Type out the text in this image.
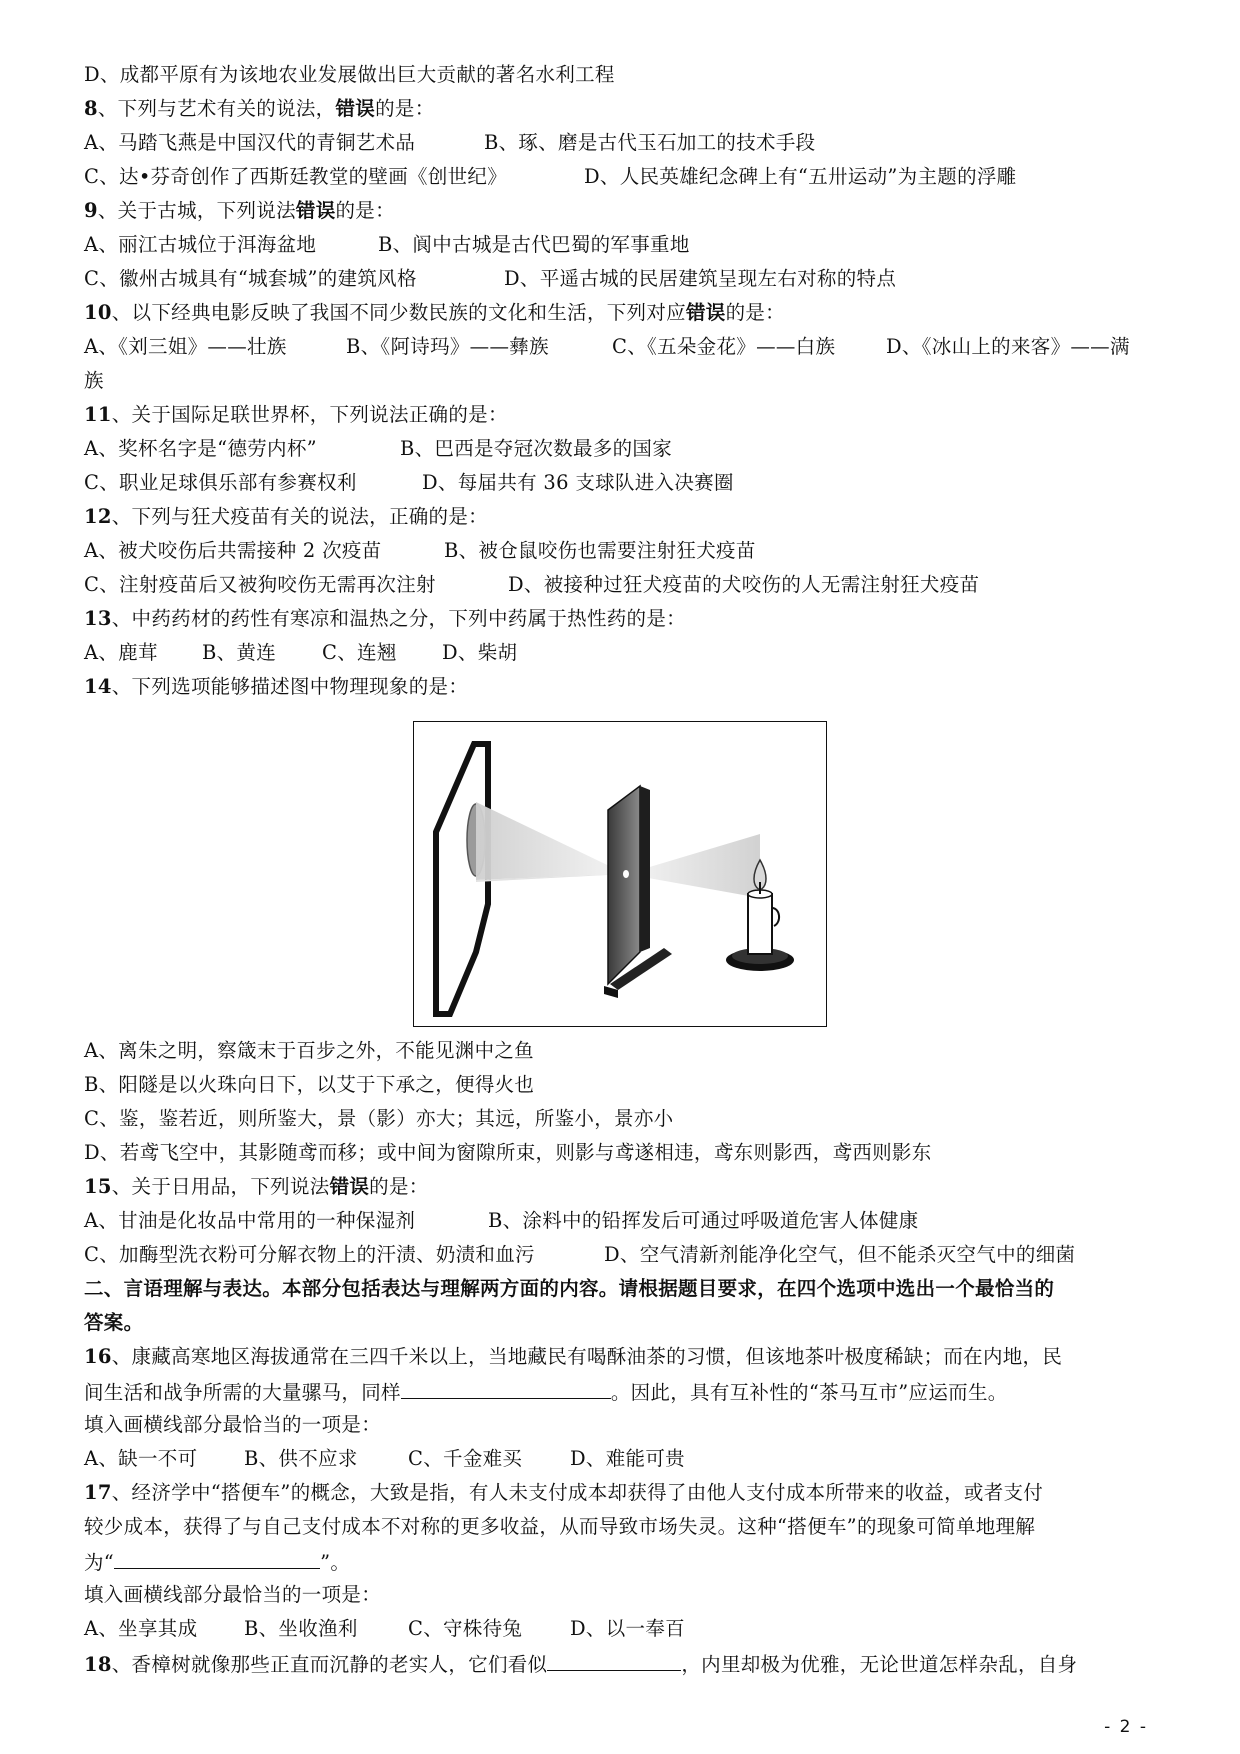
D、成都平原有为该地农业发展做出巨大贡献的著名水利工程
8、下列与艺术有关的说法，错误的是：
A、马踏飞燕是中国汉代的青铜艺术品	B、琢、磨是古代玉石加工的技术手段
C、达•芬奇创作了西斯廷教堂的壁画《创世纪》	D、人民英雄纪念碑上有“五卅运动”为主题的浮雕
9、关于古城，下列说法错误的是：
A、丽江古城位于洱海盆地	B、阆中古城是古代巴蜀的军事重地
C、徽州古城具有“城套城”的建筑风格	D、平遥古城的民居建筑呈现左右对称的特点
10、以下经典电影反映了我国不同少数民族的文化和生活，下列对应错误的是：
A、《刘三姐》——壮族	B、《阿诗玛》——彝族	C、《五朵金花》——白族	D、《冰山上的来客》——满
族
11、关于国际足联世界杯，下列说法正确的是：
A、奖杯名字是“德劳内杯”	B、巴西是夺冠次数最多的国家
C、职业足球俱乐部有参赛权利	D、每届共有 36 支球队进入决赛圈
12、下列与狂犬疫苗有关的说法，正确的是：
A、被犬咬伤后共需接种 2 次疫苗	B、被仓鼠咬伤也需要注射狂犬疫苗
C、注射疫苗后又被狗咬伤无需再次注射	D、被接种过狂犬疫苗的犬咬伤的人无需注射狂犬疫苗
13、中药药材的药性有寒凉和温热之分，下列中药属于热性药的是：
A、鹿茸 B、黄连 C、连翘 D、柴胡
14、下列选项能够描述图中物理现象的是：
A、离朱之明，察箴末于百步之外，不能见渊中之鱼
B、阳隧是以火珠向日下，以艾于下承之，便得火也
C、鉴，鉴若近，则所鉴大，景（影）亦大；其远，所鉴小，景亦小
D、若鸢飞空中，其影随鸢而移；或中间为窗隙所束，则影与鸢遂相违，鸢东则影西，鸢西则影东
15、关于日用品，下列说法错误的是：
A、甘油是化妆品中常用的一种保湿剂	B、涂料中的铅挥发后可通过呼吸道危害人体健康
C、加酶型洗衣粉可分解衣物上的汗渍、奶渍和血污	D、空气清新剂能净化空气，但不能杀灭空气中的细菌
二、言语理解与表达。本部分包括表达与理解两方面的内容。请根据题目要求，在四个选项中选出一个最恰当的
答案。
16、康藏高寒地区海拔通常在三四千米以上，当地藏民有喝酥油茶的习惯，但该地茶叶极度稀缺；而在内地，民
间生活和战争所需的大量骡马，同样	。因此，具有互补性的“茶马互市”应运而生。
填入画横线部分最恰当的一项是：
A、缺一不可 B、供不应求	C、千金难买 D、难能可贵
17、经济学中“搭便车”的概念，大致是指，有人未支付成本却获得了由他人支付成本所带来的收益，或者支付
较少成本，获得了与自己支付成本不对称的更多收益，从而导致市场失灵。这种“搭便车”的现象可简单地理解
为“	”。
填入画横线部分最恰当的一项是：
A、坐享其成 B、坐收渔利	C、守株待兔 D、以一奉百
18、香樟树就像那些正直而沉静的老实人，它们看似	，内里却极为优雅，无论世道怎样杂乱，自身
- 2 -
